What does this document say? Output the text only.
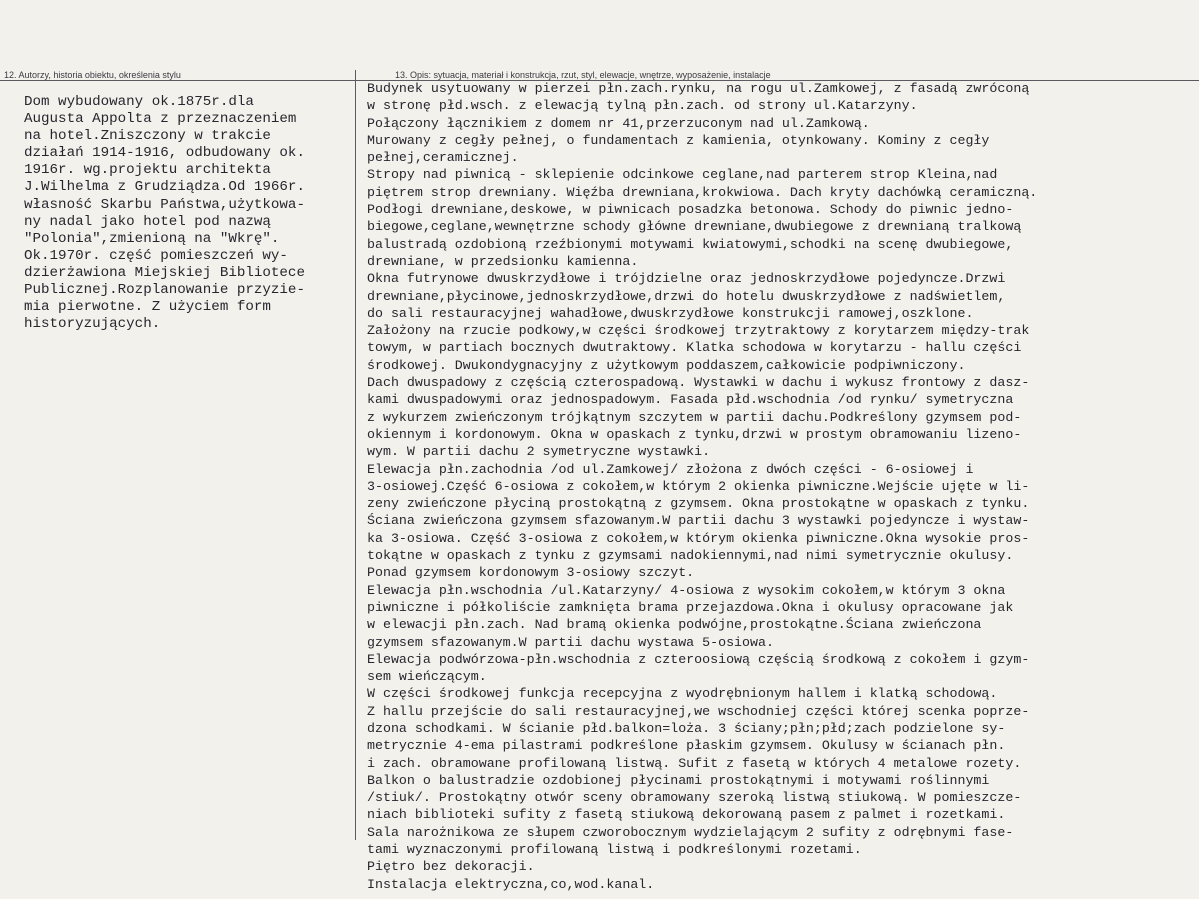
12. Autorzy, historia obiektu, określenia stylu	13. Opis: sytuacja, materiał i konstrukcja, rzut, styl, elewacje, wnętrze, wyposażenie, instalacje
Dom wybudowany ok.1875r.dla
Augusta Appolta z przeznaczeniem
na hotel.Zniszczony w trakcie
działań 1914-1916, odbudowany ok.
1916r. wg.projektu architekta
J.Wilhelma z Grudziądza.Od 1966r.
własność Skarbu Państwa,użytkowa-
ny nadal jako hotel pod nazwą
"Polonia",zmienioną na "Wkrę".
Ok.1970r. część pomieszczeń wy-
dzierżawiona Miejskiej Bibliotece
Publicznej.Rozplanowanie przyzie-
mia pierwotne. Z użyciem form
historyzujących.
Budynek usytuowany w pierzei płn.zach.rynku, na rogu ul.Zamkowej, z fasadą zwróconą
w stronę płd.wsch. z elewacją tylną płn.zach. od strony ul.Katarzyny.
Połączony łącznikiem z domem nr 41,przerzuconym nad ul.Zamkową.
Murowany z cegły pełnej, o fundamentach z kamienia, otynkowany. Kominy z cegły
pełnej,ceramicznej.
Stropy nad piwnicą - sklepienie odcinkowe ceglane,nad parterem strop Kleina,nad
piętrem strop drewniany. Więźba drewniana,krokwiowa. Dach kryty dachówką ceramiczną.
Podłogi drewniane,deskowe, w piwnicach posadzka betonowa. Schody do piwnic jedno-
biegowe,ceglane,wewnętrzne schody główne drewniane,dwubiegowe z drewnianą tralkową
balustradą ozdobioną rzeźbionymi motywami kwiatowymi,schodki na scenę dwubiegowe,
drewniane, w przedsionku kamienna.
Okna futrynowe dwuskrzydłowe i trójdzielne oraz jednoskrzydłowe pojedyncze.Drzwi
drewniane,płycinowe,jednoskrzydłowe,drzwi do hotelu dwuskrzydłowe z nadświetlem,
do sali restauracyjnej wahadłowe,dwuskrzydłowe konstrukcji ramowej,oszklone.
Założony na rzucie podkowy,w części środkowej trzytraktowy z korytarzem między-trak
towym, w partiach bocznych dwutraktowy. Klatka schodowa w korytarzu - hallu części
środkowej. Dwukondygnacyjny z użytkowym poddaszem,całkowicie podpiwniczony.
Dach dwuspadowy z częścią czterospadową. Wystawki w dachu i wykusz frontowy z dasz-
kami dwuspadowymi oraz jednospadowym. Fasada płd.wschodnia /od rynku/ symetryczna
z wykurzem zwieńczonym trójkątnym szczytem w partii dachu.Podkreślony gzymsem pod-
okiennym i kordonowym. Okna w opaskach z tynku,drzwi w prostym obramowaniu lizeno-
wym. W partii dachu 2 symetryczne wystawki.
Elewacja płn.zachodnia /od ul.Zamkowej/ złożona z dwóch części - 6-osiowej i
3-osiowej.Część 6-osiowa z cokołem,w którym 2 okienka piwniczne.Wejście ujęte w li-
zeny zwieńczone płyciną prostokątną z gzymsem. Okna prostokątne w opaskach z tynku.
Ściana zwieńczona gzymsem sfazowanym.W partii dachu 3 wystawki pojedyncze i wystaw-
ka 3-osiowa. Część 3-osiowa z cokołem,w którym okienka piwniczne.Okna wysokie pros-
tokątne w opaskach z tynku z gzymsami nadokiennymi,nad nimi symetrycznie okulusy.
Ponad gzymsem kordonowym 3-osiowy szczyt.
Elewacja płn.wschodnia /ul.Katarzyny/ 4-osiowa z wysokim cokołem,w którym 3 okna
piwniczne i półkoliście zamknięta brama przejazdowa.Okna i okulusy opracowane jak
w elewacji płn.zach. Nad bramą okienka podwójne,prostokątne.Ściana zwieńczona
gzymsem sfazowanym.W partii dachu wystawa 5-osiowa.
Elewacja podwórzowa-płn.wschodnia z czteroosiową częścią środkową z cokołem i gzym-
sem wieńczącym.
W części środkowej funkcja recepcyjna z wyodrębnionym hallem i klatką schodową.
Z hallu przejście do sali restauracyjnej,we wschodniej części której scenka poprze-
dzona schodkami. W ścianie płd.balkon=loża. 3 ściany;płn;płd;zach podzielone sy-
metrycznie 4-ema pilastrami podkreślone płaskim gzymsem. Okulusy w ścianach płn.
i zach. obramowane profilowaną listwą. Sufit z fasetą w których 4 metalowe rozety.
Balkon o balustradzie ozdobionej płycinami prostokątnymi i motywami roślinnymi
/stiuk/. Prostokątny otwór sceny obramowany szeroką listwą stiukową. W pomieszcze-
niach biblioteki sufity z fasetą stiukową dekorowaną pasem z palmet i rozetkami.
Sala narożnikowa ze słupem czworobocznym wydzielającym 2 sufity z odrębnymi fase-
tami wyznaczonymi profilowaną listwą i podkreślonymi rozetami.
Piętro bez dekoracji.
Instalacja elektryczna,co,wod.kanal.
